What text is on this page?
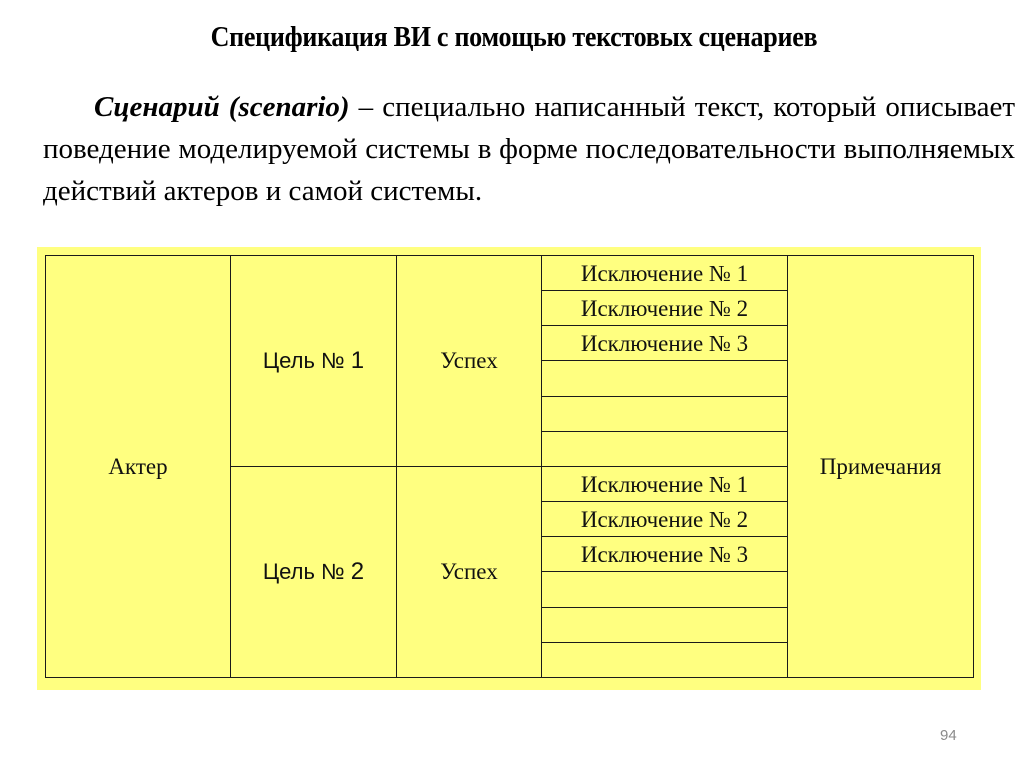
Спецификация ВИ с помощью текстовых сценариев
Сценарий (scenario) – специально написанный текст, который описывает поведение моделируемой системы в форме последовательности выполняемых действий актеров и самой системы.
Актер	Цель № 1	Успех	Исключение № 1	Примечания
			Исключение № 2	
			Исключение № 3	

	Цель № 2	Успех	Исключение № 1	
			Исключение № 2	
			Исключение № 3	

94
